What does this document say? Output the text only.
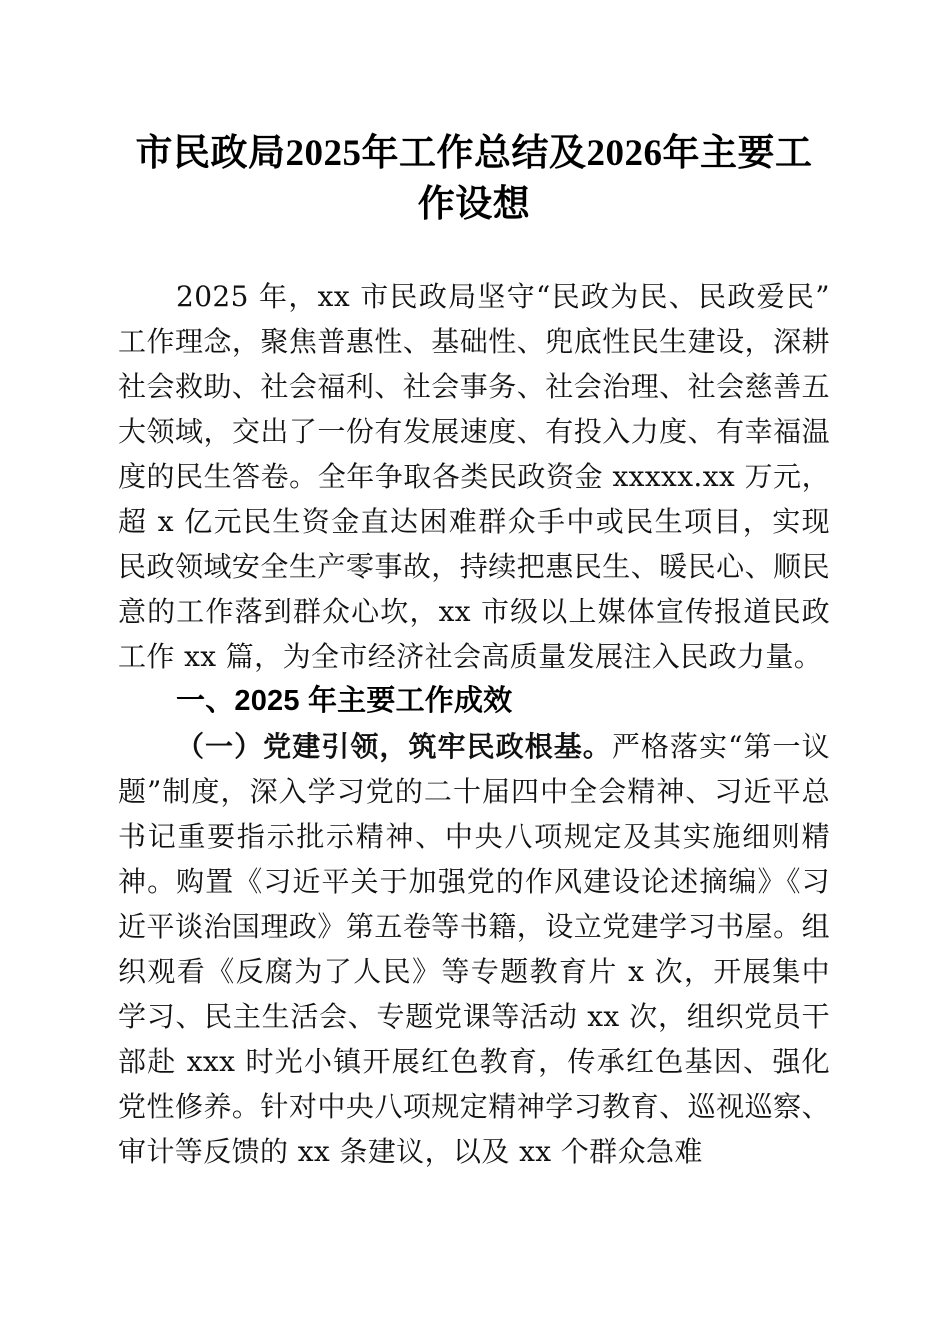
市民政局2025年工作总结及2026年主要工作设想

2025 年，xx 市民政局坚守“民政为民、民政爱民”工作理念，聚焦普惠性、基础性、兜底性民生建设，深耕社会救助、社会福利、社会事务、社会治理、社会慈善五大领域，交出了一份有发展速度、有投入力度、有幸福温度的民生答卷。全年争取各类民政资金 xxxxx.xx 万元，超 x 亿元民生资金直达困难群众手中或民生项目，实现民政领域安全生产零事故，持续把惠民生、暖民心、顺民意的工作落到群众心坎，xx 市级以上媒体宣传报道民政工作 xx 篇，为全市经济社会高质量发展注入民政力量。

一、2025 年主要工作成效

（一）党建引领，筑牢民政根基。严格落实“第一议题”制度，深入学习党的二十届四中全会精神、习近平总书记重要指示批示精神、中央八项规定及其实施细则精神。购置《习近平关于加强党的作风建设论述摘编》《习近平谈治国理政》第五卷等书籍，设立党建学习书屋。组织观看《反腐为了人民》等专题教育片 x 次，开展集中学习、民主生活会、专题党课等活动 xx 次，组织党员干部赴 xxx 时光小镇开展红色教育，传承红色基因、强化党性修养。针对中央八项规定精神学习教育、巡视巡察、审计等反馈的 xx 条建议，以及 xx 个群众急难
